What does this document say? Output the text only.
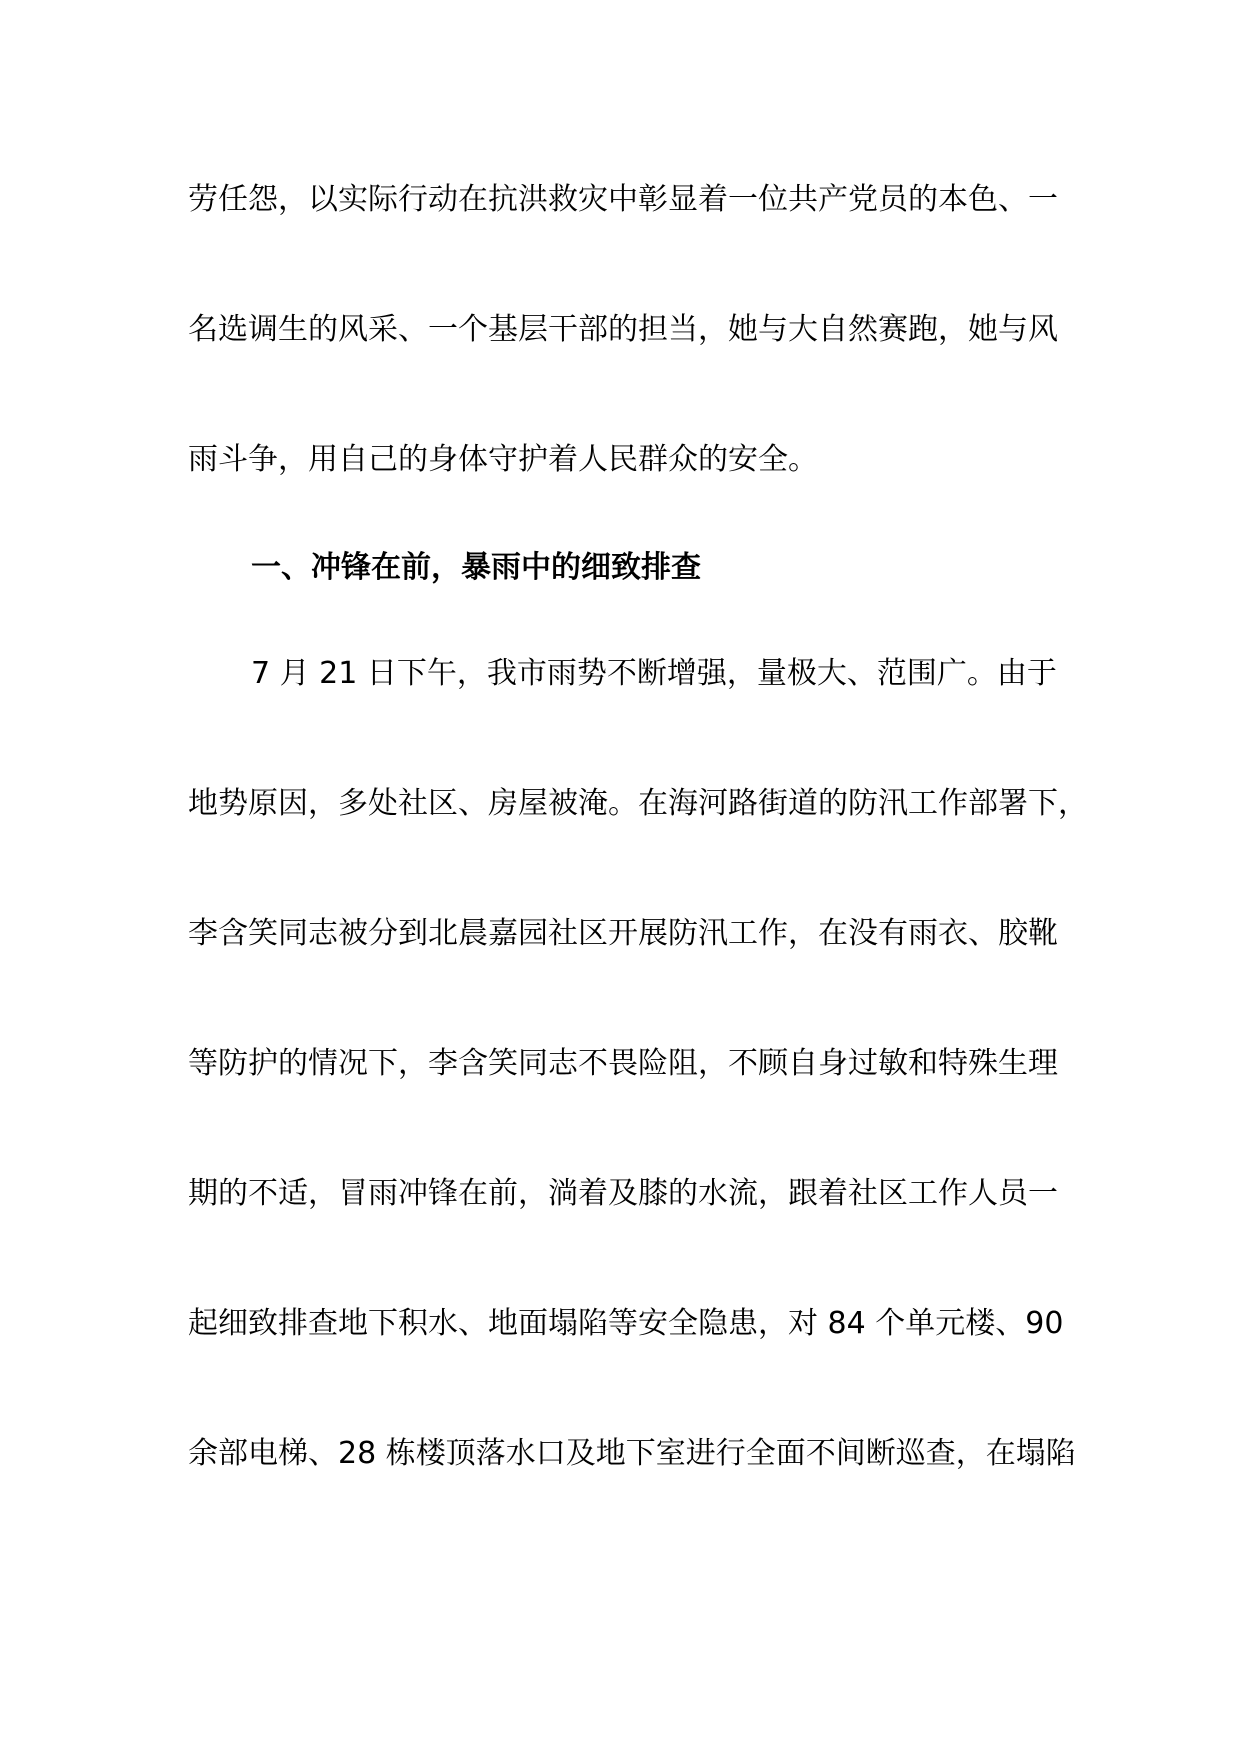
劳任怨，以实际行动在抗洪救灾中彰显着一位共产党员的本色、一
名选调生的风采、一个基层干部的担当，她与大自然赛跑，她与风
雨斗争，用自己的身体守护着人民群众的安全。
一、冲锋在前，暴雨中的细致排查
7 月 21 日下午，我市雨势不断增强，量极大、范围广。由于
地势原因，多处社区、房屋被淹。在海河路街道的防汛工作部署下，
李含笑同志被分到北晨嘉园社区开展防汛工作，在没有雨衣、胶靴
等防护的情况下，李含笑同志不畏险阻，不顾自身过敏和特殊生理
期的不适，冒雨冲锋在前，淌着及膝的水流，跟着社区工作人员一
起细致排查地下积水、地面塌陷等安全隐患，对 84 个单元楼、90
余部电梯、28 栋楼顶落水口及地下室进行全面不间断巡查，在塌陷
